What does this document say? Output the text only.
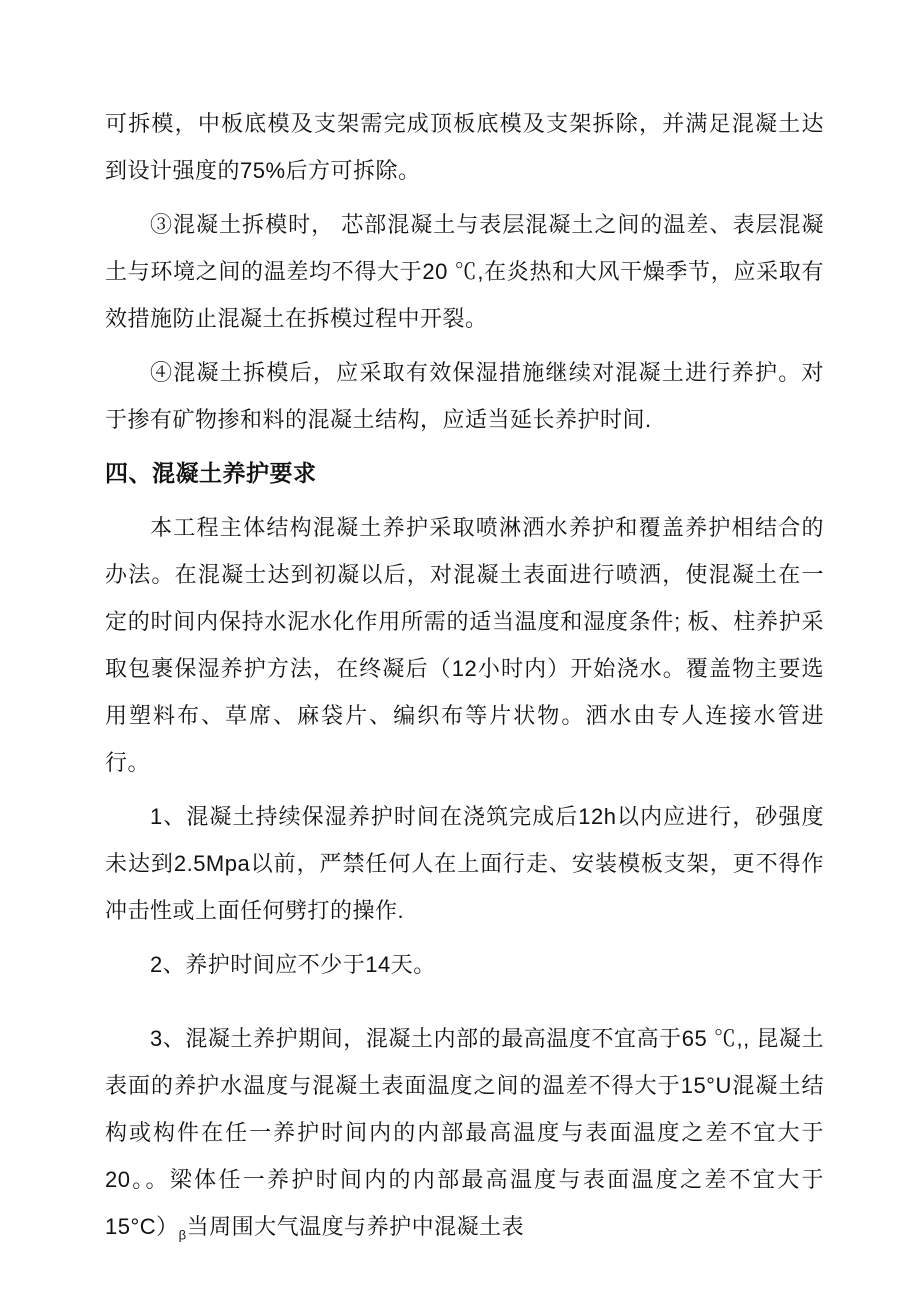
可拆模，中板底模及支架需完成顶板底模及支架拆除，并满足混凝土达到设计强度的75%后方可拆除。

③混凝土拆模时， 芯部混凝土与表层混凝土之间的温差、表层混凝土与环境之间的温差均不得大于20 ℃,在炎热和大风干燥季节，应采取有效措施防止混凝土在拆模过程中开裂。

④混凝土拆模后，应采取有效保湿措施继续对混凝土进行养护。对于掺有矿物掺和料的混凝土结构，应适当延长养护时间.

四、混凝土养护要求

本工程主体结构混凝土养护采取喷淋洒水养护和覆盖养护相结合的办法。在混凝士达到初凝以后，对混凝土表面进行喷洒，使混凝土在一定的时间内保持水泥水化作用所需的适当温度和湿度条件; 板、柱养护采取包裹保湿养护方法，在终凝后（12小时内）开始浇水。覆盖物主要选用塑料布、草席、麻袋片、编织布等片状物。洒水由专人连接水管进行。

1、混凝土持续保湿养护时间在浇筑完成后12h以内应进行，砂强度未达到2.5Mpa以前，严禁任何人在上面行走、安装模板支架，更不得作冲击性或上面任何劈打的操作.

2、养护时间应不少于14天。

3、混凝土养护期间，混凝土内部的最高温度不宜高于65 ℃,, 昆凝土表面的养护水温度与混凝土表面温度之间的温差不得大于15°U混凝土结构或构件在任一养护时间内的内部最高温度与表面温度之差不宜大于20。。梁体任一养护时间内的内部最高温度与表面温度之差不宜大于$15^\circ C)_\beta$当周围大气温度与养护中混凝土表
